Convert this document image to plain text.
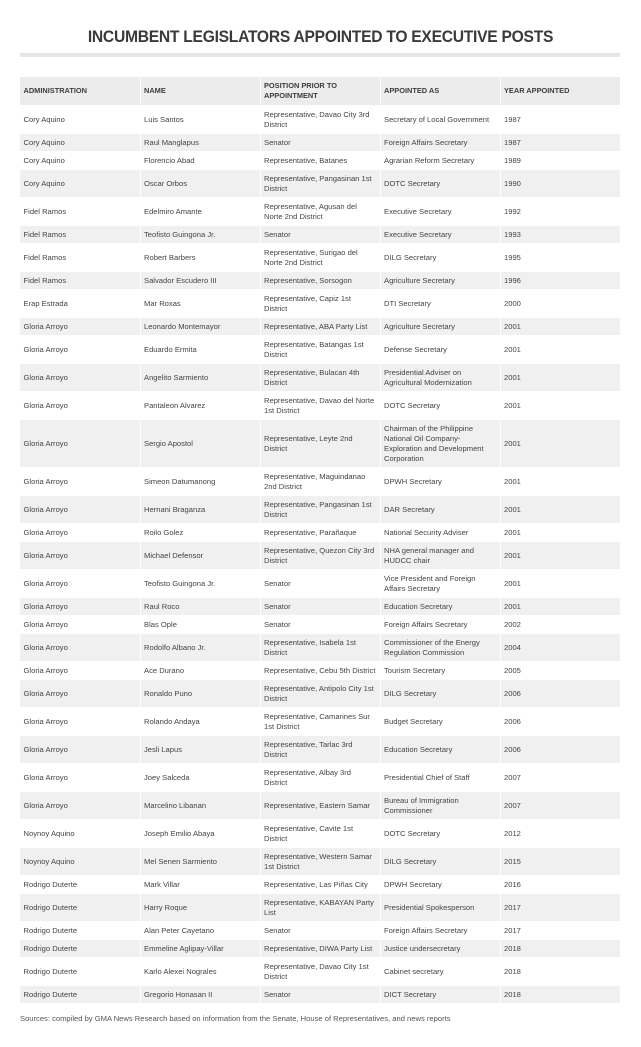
INCUMBENT LEGISLATORS APPOINTED TO EXECUTIVE POSTS
ADMINISTRATION	NAME	POSITION PRIOR TO APPOINTMENT	APPOINTED AS	YEAR APPOINTED
Cory Aquino	Luis Santos	Representative, Davao City 3rd District	Secretary of Local Government	1987
Cory Aquino	Raul Manglapus	Senator	Foreign Affairs Secretary	1987
Cory Aquino	Florencio Abad	Representative, Batanes	Agrarian Reform Secretary	1989
Cory Aquino	Oscar Orbos	Representative, Pangasinan 1st District	DOTC Secretary	1990
Fidel Ramos	Edelmiro Amante	Representative, Agusan del Norte 2nd District	Executive Secretary	1992
Fidel Ramos	Teofisto Guingona Jr.	Senator	Executive Secretary	1993
Fidel Ramos	Robert Barbers	Representative, Surigao del Norte 2nd District	DILG Secretary	1995
Fidel Ramos	Salvador Escudero III	Representative, Sorsogon	Agriculture Secretary	1996
Erap Estrada	Mar Roxas	Representative, Capiz 1st District	DTI Secretary	2000
Gloria Arroyo	Leonardo Montemayor	Representative, ABA Party List	Agriculture Secretary	2001
Gloria Arroyo	Eduardo Ermita	Representative, Batangas 1st District	Defense Secretary	2001
Gloria Arroyo	Angelito Sarmiento	Representative, Bulacan 4th District	Presidential Adviser on Agricultural Modernization	2001
Gloria Arroyo	Pantaleon Alvarez	Representative, Davao del Norte 1st District	DOTC Secretary	2001
Gloria Arroyo	Sergio Apostol	Representative, Leyte 2nd District	Chairman of the Philippine National Oil Company-Exploration and Development Corporation	2001
Gloria Arroyo	Simeon Datumanong	Representative, Maguindanao 2nd District	DPWH Secretary	2001
Gloria Arroyo	Hernani Braganza	Representative, Pangasinan 1st District	DAR Secretary	2001
Gloria Arroyo	Roilo Golez	Representative, Parañaque	National Security Adviser	2001
Gloria Arroyo	Michael Defensor	Representative, Quezon City 3rd District	NHA general manager and HUDCC chair	2001
Gloria Arroyo	Teofisto Guingona Jr.	Senator	Vice President and Foreign Affairs Secretary	2001
Gloria Arroyo	Raul Roco	Senator	Education Secretary	2001
Gloria Arroyo	Blas Ople	Senator	Foreign Affairs Secretary	2002
Gloria Arroyo	Rodolfo Albano Jr.	Representative, Isabela 1st District	Commissioner of the Energy Regulation Commission	2004
Gloria Arroyo	Ace Durano	Representative, Cebu 5th District	Tourism Secretary	2005
Gloria Arroyo	Ronaldo Puno	Representative, Antipolo City 1st District	DILG Secretary	2006
Gloria Arroyo	Rolando Andaya	Representative, Camarines Sur 1st District	Budget Secretary	2006
Gloria Arroyo	Jesli Lapus	Representative, Tarlac 3rd District	Education Secretary	2006
Gloria Arroyo	Joey Salceda	Representative, Albay 3rd District	Presidential Chief of Staff	2007
Gloria Arroyo	Marcelino Libanan	Representative, Eastern Samar	Bureau of Immigration Commissioner	2007
Noynoy Aquino	Joseph Emilio Abaya	Representative, Cavite 1st District	DOTC Secretary	2012
Noynoy Aquino	Mel Senen Sarmiento	Representative, Western Samar 1st District	DILG Secretary	2015
Rodrigo Duterte	Mark Villar	Representative, Las Piñas City	DPWH Secretary	2016
Rodrigo Duterte	Harry Roque	Representative, KABAYAN Party List	Presidential Spokesperson	2017
Rodrigo Duterte	Alan Peter Cayetano	Senator	Foreign Affairs Secretary	2017
Rodrigo Duterte	Emmeline Aglipay-Villar	Representative, DIWA Party List	Justice undersecretary	2018
Rodrigo Duterte	Karlo Alexei Nograles	Representative, Davao City 1st District	Cabinet secretary	2018
Rodrigo Duterte	Gregorio Honasan II	Senator	DICT Secretary	2018
Sources: compiled by GMA News Research based on information from the Senate, House of Representatives, and news reports
